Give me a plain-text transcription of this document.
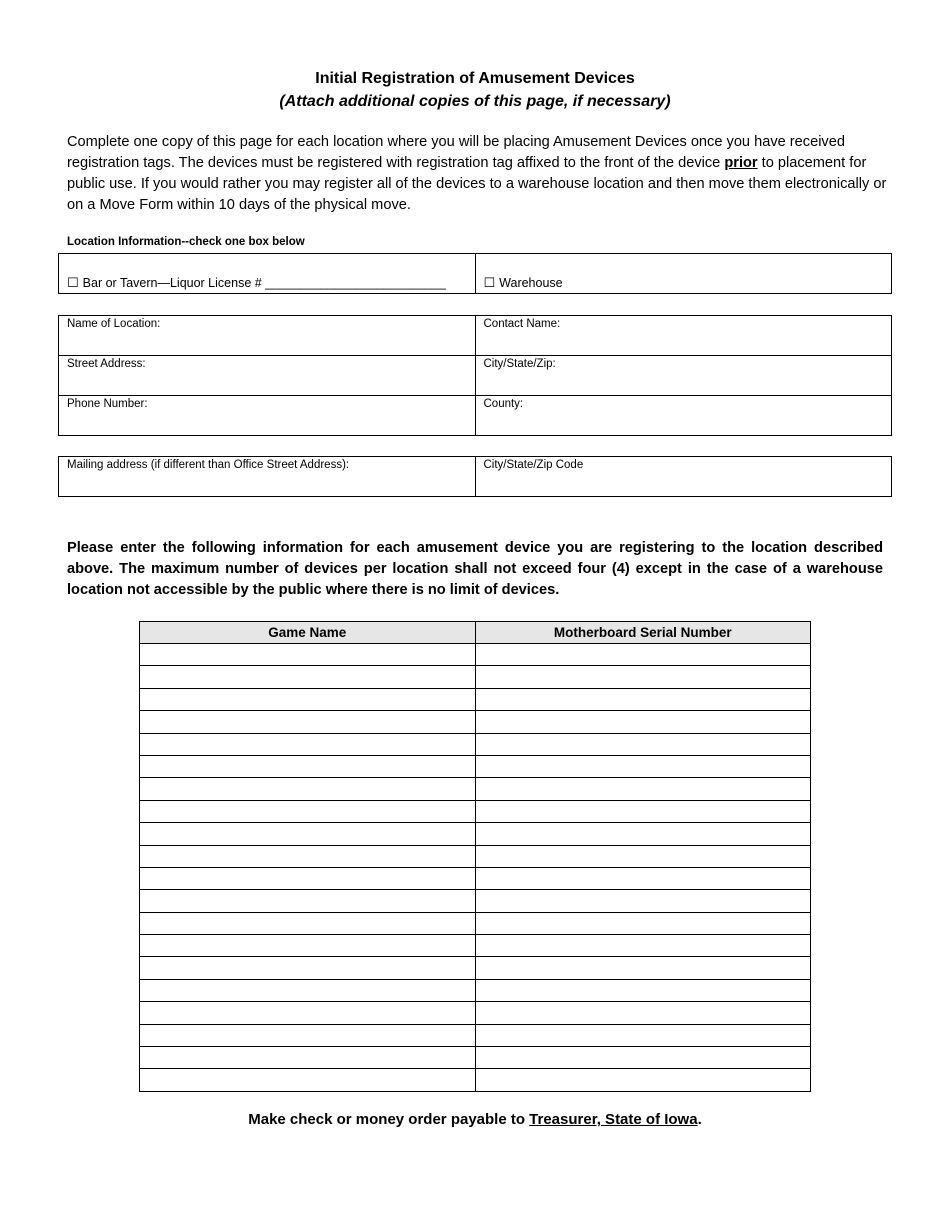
Initial Registration of Amusement Devices
(Attach additional copies of this page, if necessary)
Complete one copy of this page for each location where you will be placing Amusement Devices once you have received registration tags. The devices must be registered with registration tag affixed to the front of the device prior to placement for public use. If you would rather you may register all of the devices to a warehouse location and then move them electronically or on a Move Form within 10 days of the physical move.
Location Information--check one box below
☐ Bar or Tavern—Liquor License # __________________________	☐ Warehouse
Name of Location:	Contact Name:
Street Address:	City/State/Zip:
Phone Number:	County:
Mailing address (if different than Office Street Address):	City/State/Zip Code
Please enter the following information for each amusement device you are registering to the location described above. The maximum number of devices per location shall not exceed four (4) except in the case of a warehouse location not accessible by the public where there is no limit of devices.
Game Name	Motherboard Serial Number

Make check or money order payable to Treasurer, State of Iowa.
